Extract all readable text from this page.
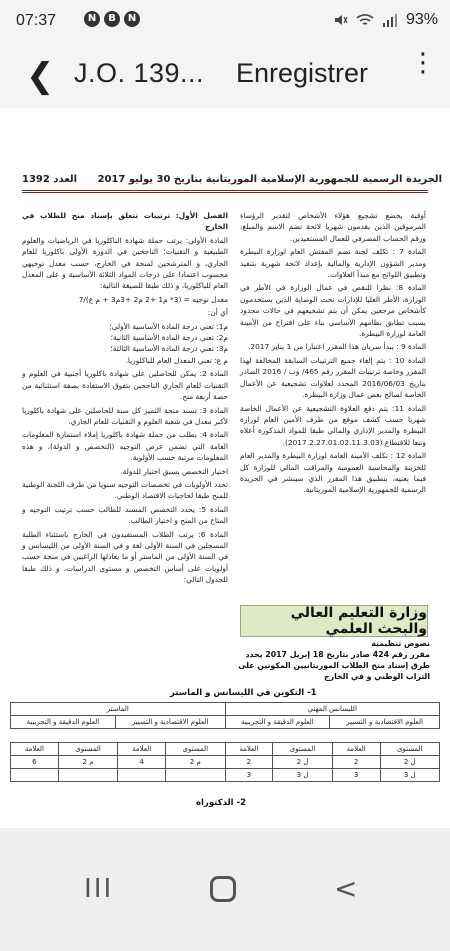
07:37	N	B	N	93%
❮ J.O. 139... Enregistrer ⋮
الجريدة الرسمية للجمهورية الإسلامية الموريتانية بتاريخ 30 يوليو 2017
العدد 1392

أوقية يخضع تشجيع هؤلاء الأشخاص لتقدير الرؤساء المرموقين الذين يقدمون شهريا لائحة تضم الاسم والمبلغ، ورقم الحساب المصرفي للعمال المستفيدين.

المادة 7 : تكلف لجنة تضم المفتش العام لوزارة البيطرة ومدير الشؤون الإدارية والمالية بإعداد لائحة شهرية بتنفيذ وتطبيق اللوائح مع مبدأ العلاوات.

المادة 8: نظرا للنقص في عمال الوزارة في الأطر في الوزارة، الأطر العليا للإدارات تحت الوصاية الذين يستخدمون كأشخاص مرجعين يمكن أن يتم تشجيعهم في حالات محدود بسبب تطابق نظامهم الأساسي بناء على اقتراح من الأمينة العامة لوزارة البيطرة.

المادة 9 : يبدأ سريان هذا المقرر اعتبارا من 1 يناير 2017.

المادة 10 : يتم إلغاء جميع الترتيبات السابقة المخالفة لهذا المقرر وخاصة ترتيبات المقرر رقم 465/ وب / 2016 الصادر بتاريخ 2016/06/03 المحدد لعلاوات تشجيعية عن الأعمال الخاصة لصالح بعض عمال وزارة البيطرة.

المادة 11: يتم دفع العلاوة التشجيعية عن الأعمال الخاصة شهريا حسب كشف موقع من طرف الأمين العام لوزارة البيطرة والمدير الإداري والمالي طبقا للمواد المذكورة أعلاه وتبعا للاقتطاع (2017.2.27.01.02.11.3.03).

المادة 12 : تكلف الأمينة العامة لوزارة البيطرة والمدير العام للخزينة والمحاسبة العمومية والمراقب المالي للوزارة كل فيما يعنيه، بتطبيق هذا المقرر الذي سينشر في الجريدة الرسمية للجمهورية الإسلامية الموريتانية.

الفصل الأول: ترتيبات تتعلق بإسناد منح للطلاب في الخارج

المادة الأولى: يرتب حملة شهادة الباكلوريا في الرياضيات والعلوم الطبيعية و التقنيات؛ الناجحين في الدورة الأولى باكلوريا للعام الجاري، و المترشحين لمنحة في الخارج، حسب معدل توجيهي محسوب اعتمادا على درجات المواد الثلاثة الأساسية و على المعدل العام للباكلوريا، و ذلك طبقا للصيغة التالية:

معدل توجيه = (3* م1 +2 م2 +3م3 + م ع)/7

أي أن:

م1: تعني درجة المادة الأساسية الأولى؛

م2: تعني درجة المادة الأساسية الثانية؛

م3: تعني درجة المادة الأساسية الثالثة؛

م ع: تعني المعدل العام للباكلوريا.

المادة 2: يمكن للحاصلين على شهادة باكلوريا أجنبية في العلوم و التقنيات للعام الجاري الناجحين بتفوق الاستفادة بصفة استثنائية من حصة أربعة منح.

المادة 3: تسند منحة التميز كل سنة للحاصلين على شهادة باكلوريا لأكبر معدل في شعبة العلوم و التقنيات للعام الجاري.

المادة 4: يطلب من حملة شهادة باكلوريا إملاء استمارة المعلومات العامة التي تضمن عرض التوجيه (التخصص و الدولة)، و هذه المعلومات مرتبة حسب الأولوية.

اختيار التخصص يسبق اختيار للدولة.

تحدد الأولويات في تخصصات التوجيه سنويا من طرف اللجنة الوطنية للمنح طبقا لحاجيات الاقتصاد الوطني.

المادة 5: يحدد التخصص المسند للطالب حسب ترتيب التوجيه و المتاح من المنح و اختيار الطالب.

المادة 6: يرتب الطلاب المستفيدون في الخارج باستثناء الطلبة المسجلين في السنة الأولى لغة و في السنة الأولى من الليسانس و في السنة الأولى من الماستر أو ما يعادلها الراغبين في منحة حسب أولويات على أساس التخصص و مستوى الدراسات، و ذلك طبقا للجدول التالي:

وزارة التعليم العالي والبحث العلمي
نصوص تنظيمية
مقرر رقم 424 صادر بتاريخ 18 إبريل 2017 يحدد طرق إسناد منح الطلاب الموريتانيين المكونين على التراب الوطني و في الخارج
1- التكوين في الليسانس و الماستر
الليسانس المهني		الماستر	
العلوم الاقتصادية و التسيير	العلوم الدقيقة و التجريبية	العلوم الاقتصادية و التسيير	العلوم الدقيقة و التجريبية
المستوى	العلامة	المستوى	العلامة	المستوى	العلامة	المستوى	العلامة
ل 2	2	ل 2	2	م 2	4	م 2	6
ل 3	3	ل 3	3				
2- الدكتوراه
III	<
